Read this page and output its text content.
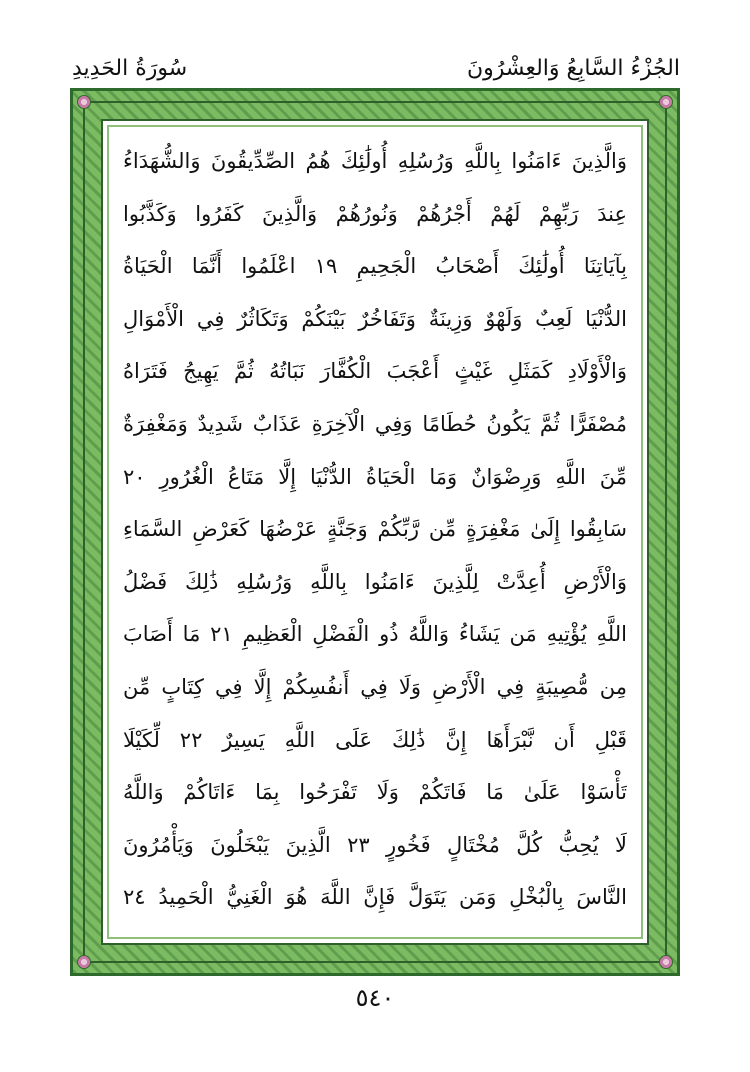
الجُزْءُ السَّابِعُ وَالعِشْرُونَ
سُورَةُ الحَدِيدِ
وَالَّذِينَ ءَامَنُوا بِاللَّهِ وَرُسُلِهِ أُولَٰئِكَ هُمُ الصِّدِّيقُونَ وَالشُّهَدَاءُ
عِندَ رَبِّهِمْ لَهُمْ أَجْرُهُمْ وَنُورُهُمْ وَالَّذِينَ كَفَرُوا وَكَذَّبُوا
بِآيَاتِنَا أُولَٰئِكَ أَصْحَابُ الْجَحِيمِ ١٩ اعْلَمُوا أَنَّمَا الْحَيَاةُ
الدُّنْيَا لَعِبٌ وَلَهْوٌ وَزِينَةٌ وَتَفَاخُرٌ بَيْنَكُمْ وَتَكَاثُرٌ فِي الْأَمْوَالِ
وَالْأَوْلَادِ كَمَثَلِ غَيْثٍ أَعْجَبَ الْكُفَّارَ نَبَاتُهُ ثُمَّ يَهِيجُ فَتَرَاهُ
مُصْفَرًّا ثُمَّ يَكُونُ حُطَامًا وَفِي الْآخِرَةِ عَذَابٌ شَدِيدٌ وَمَغْفِرَةٌ
مِّنَ اللَّهِ وَرِضْوَانٌ وَمَا الْحَيَاةُ الدُّنْيَا إِلَّا مَتَاعُ الْغُرُورِ ٢٠
سَابِقُوا إِلَىٰ مَغْفِرَةٍ مِّن رَّبِّكُمْ وَجَنَّةٍ عَرْضُهَا كَعَرْضِ السَّمَاءِ
وَالْأَرْضِ أُعِدَّتْ لِلَّذِينَ ءَامَنُوا بِاللَّهِ وَرُسُلِهِ ذَٰلِكَ فَضْلُ
اللَّهِ يُؤْتِيهِ مَن يَشَاءُ وَاللَّهُ ذُو الْفَضْلِ الْعَظِيمِ ٢١ مَا أَصَابَ
مِن مُّصِيبَةٍ فِي الْأَرْضِ وَلَا فِي أَنفُسِكُمْ إِلَّا فِي كِتَابٍ مِّن
قَبْلِ أَن نَّبْرَأَهَا إِنَّ ذَٰلِكَ عَلَى اللَّهِ يَسِيرٌ ٢٢ لِّكَيْلَا
تَأْسَوْا عَلَىٰ مَا فَاتَكُمْ وَلَا تَفْرَحُوا بِمَا ءَاتَاكُمْ وَاللَّهُ
لَا يُحِبُّ كُلَّ مُخْتَالٍ فَخُورٍ ٢٣ الَّذِينَ يَبْخَلُونَ وَيَأْمُرُونَ
النَّاسَ بِالْبُخْلِ وَمَن يَتَوَلَّ فَإِنَّ اللَّهَ هُوَ الْغَنِيُّ الْحَمِيدُ ٢٤
٥٤٠
